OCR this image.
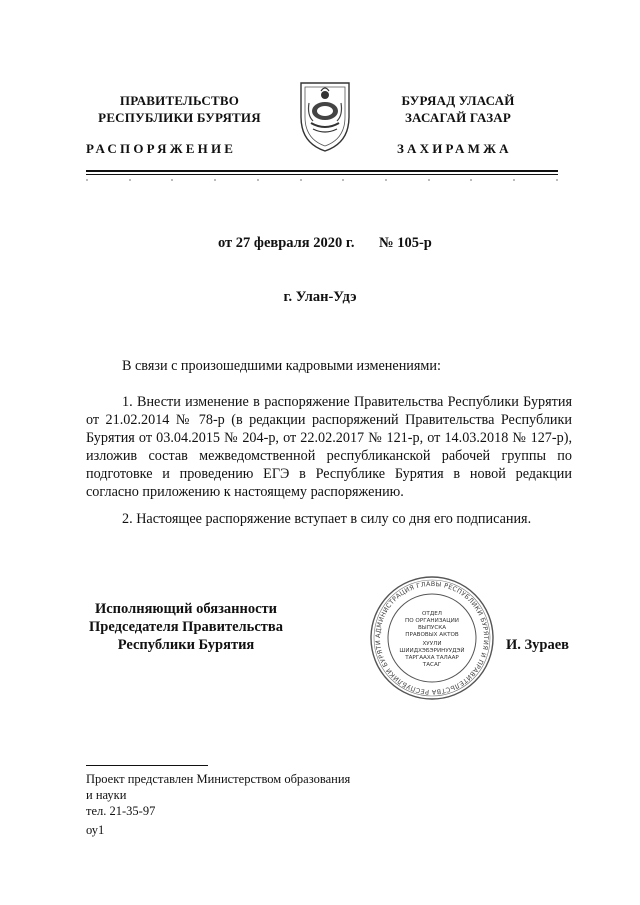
ПРАВИТЕЛЬСТВО
РЕСПУБЛИКИ БУРЯТИЯ
БУРЯАД УЛАСАЙ
ЗАСАГАЙ ГАЗАР
РАСПОРЯЖЕНИЕ	ЗАХИРАМЖА
от 27 февраля 2020 г. № 105-р
г. Улан-Удэ
В связи с произошедшими кадровыми изменениями:
1. Внести изменение в распоряжение Правительства Республики Бурятия от 21.02.2014 № 78-р (в редакции распоряжений Правительства Республики Бурятия от 03.04.2015 № 204-р, от 22.02.2017 № 121-р, от 14.03.2018 № 127-р), изложив состав межведомственной республиканской рабочей группы по подготовке и проведению ЕГЭ в Республике Бурятия в новой редакции согласно приложению к настоящему распоряжению.
2. Настоящее распоряжение вступает в силу со дня его подписания.
Исполняющий обязанности
Председателя Правительства
Республики Бурятия
АДМИНИСТРАЦИЯ ГЛАВЫ РЕСПУБЛИКИ БУРЯТИЯ И ПРАВИТЕЛЬСТВА РЕСПУБЛИКИ БУРЯТИ
ОТДЕЛ
ПО ОРГАНИЗАЦИИ
ВЫПУСКА
ПРАВОВЫХ АКТОВ
ХУУЛИ
ШИИДХЭБЭРИНУУДЭЙ
ТАРГААХА ТАЛААР
ТАСАГ
И. Зураев
Проект представлен Министерством образования
и науки
тел. 21-35-97
оу1
